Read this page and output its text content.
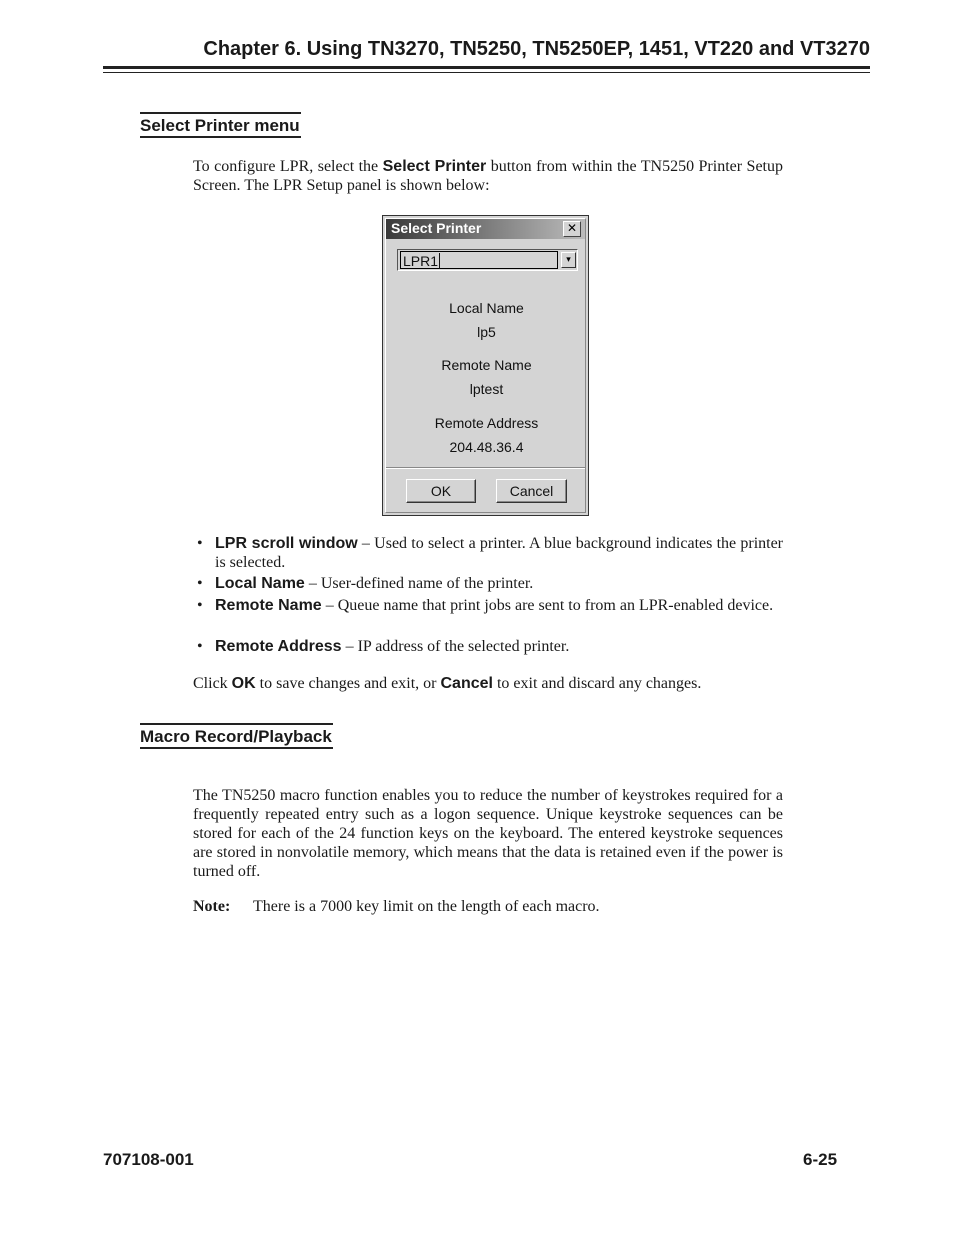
Chapter 6. Using TN3270, TN5250, TN5250EP, 1451, VT220 and VT3270
Select Printer menu
To configure LPR, select the Select Printer button from within the TN5250 Printer Setup Screen. The LPR Setup panel is shown below:
Select Printer	✕
LPR1	▾
Local Name
lp5
Remote Name
lptest
Remote Address
204.48.36.4
OK	Cancel
• LPR scroll window – Used to select a printer. A blue background indicates the printer is selected.
• Local Name – User-defined name of the printer.
• Remote Name – Queue name that print jobs are sent to from an LPR-enabled device.
• Remote Address – IP address of the selected printer.
Click OK to save changes and exit, or Cancel to exit and discard any changes.
Macro Record/Playback
The TN5250 macro function enables you to reduce the number of keystrokes required for a frequently repeated entry such as a logon sequence. Unique keystroke sequences can be stored for each of the 24 function keys on the keyboard. The entered keystroke sequences are stored in nonvolatile memory, which means that the data is retained even if the power is turned off.
Note: There is a 7000 key limit on the length of each macro.
707108-001	6-25
